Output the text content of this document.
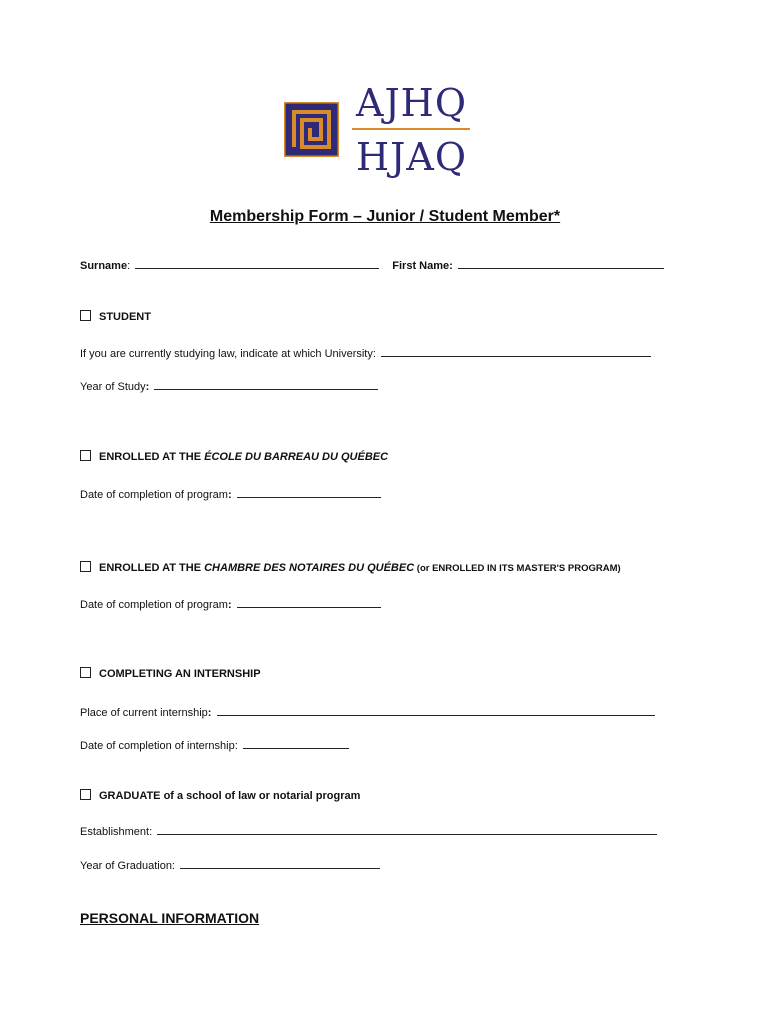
AJHQ
HJAQ
Membership Form – Junior / Student Member*
Surname:	First Name:
STUDENT
If you are currently studying law, indicate at which University:
Year of Study:
ENROLLED AT THE ÉCOLE DU BARREAU DU QUÉBEC
Date of completion of program:
ENROLLED AT THE CHAMBRE DES NOTAIRES DU QUÉBEC (or ENROLLED IN ITS MASTER'S PROGRAM)
Date of completion of program:
COMPLETING AN INTERNSHIP
Place of current internship:
Date of completion of internship:
GRADUATE of a school of law or notarial program
Establishment:
Year of Graduation:
PERSONAL INFORMATION
